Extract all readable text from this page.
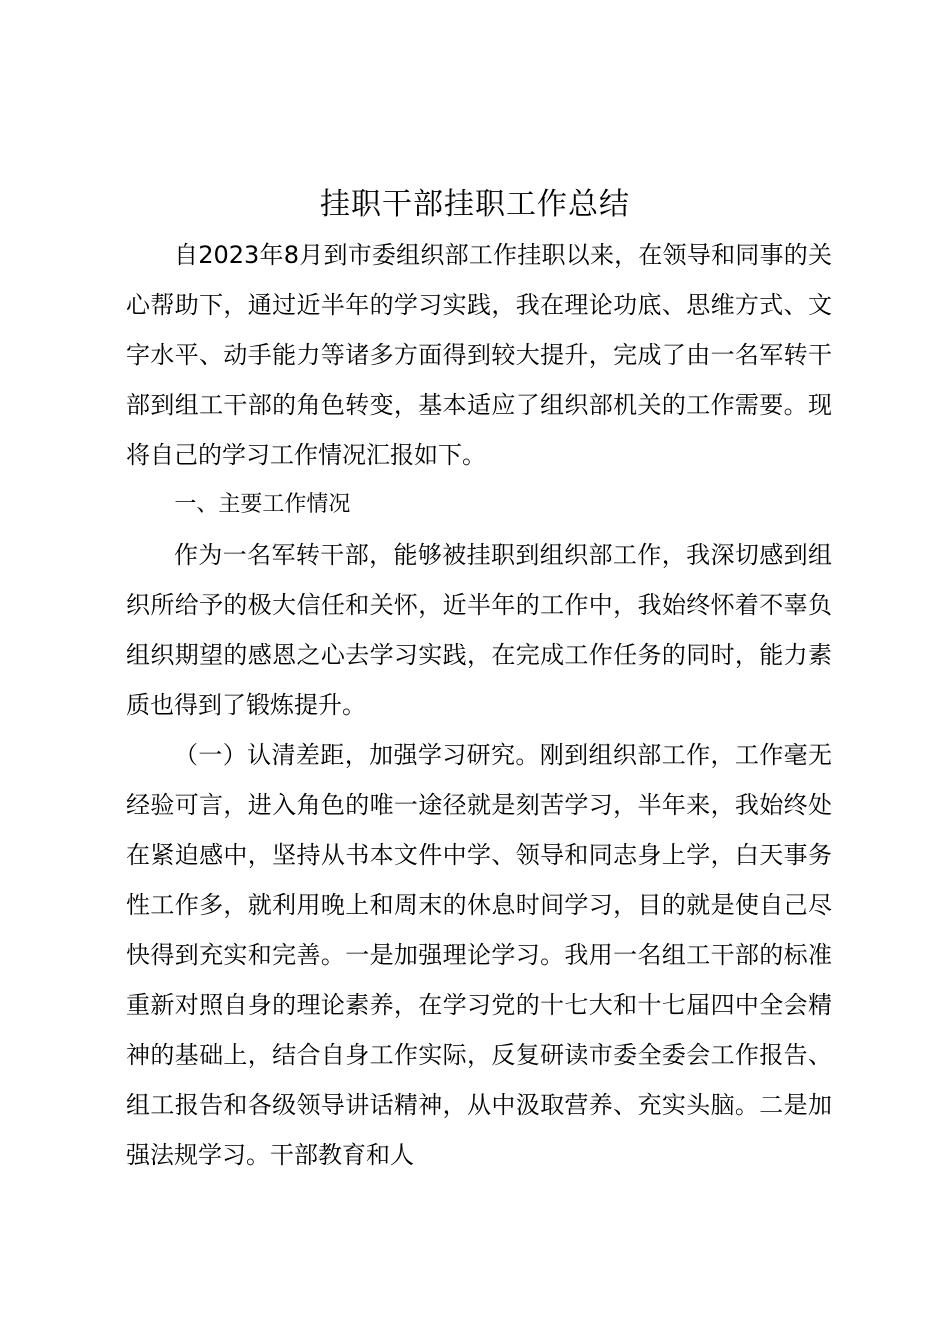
挂职干部挂职工作总结

自2023年8月到市委组织部工作挂职以来，在领导和同事的关心帮助下，通过近半年的学习实践，我在理论功底、思维方式、文字水平、动手能力等诸多方面得到较大提升，完成了由一名军转干部到组工干部的角色转变，基本适应了组织部机关的工作需要。现将自己的学习工作情况汇报如下。

一、主要工作情况

作为一名军转干部，能够被挂职到组织部工作，我深切感到组织所给予的极大信任和关怀，近半年的工作中，我始终怀着不辜负组织期望的感恩之心去学习实践，在完成工作任务的同时，能力素质也得到了锻炼提升。

（一）认清差距，加强学习研究。刚到组织部工作，工作毫无经验可言，进入角色的唯一途径就是刻苦学习，半年来，我始终处在紧迫感中，坚持从书本文件中学、领导和同志身上学，白天事务性工作多，就利用晚上和周末的休息时间学习，目的就是使自己尽快得到充实和完善。一是加强理论学习。我用一名组工干部的标准重新对照自身的理论素养，在学习党的十七大和十七届四中全会精神的基础上，结合自身工作实际，反复研读市委全委会工作报告、组工报告和各级领导讲话精神，从中汲取营养、充实头脑。二是加强法规学习。干部教育和人
